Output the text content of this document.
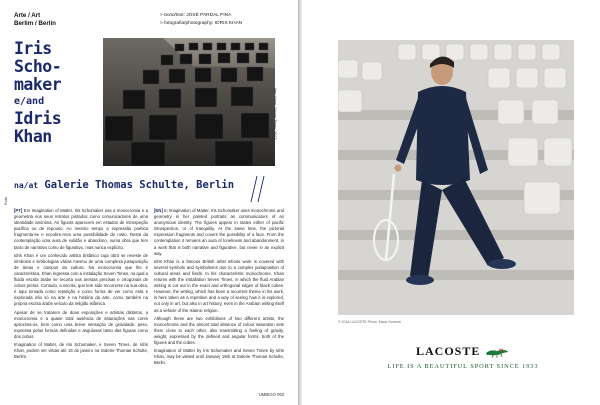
Arte / Art
Berlim / Berlin
> texto/text: JOSÉ PARDAL PINA
> fotografia/photography: IDRIS KHAN
Iris
Scho-
maker
e/and
Idris
Khan	Idris Khan, Seven Times, 2016
na/at Galerie Thomas Schulte, Berlin
Rota

[PT] Em Imagination of Matter, Iris Schomaker usa a monocromia e a geometria nos seus retratos pintados como comunicadores de uma identidade anónima. As figuras aparecem em estados de introspeção pacífica ou de repouso. Ao mesmo tempo a expressão poética fragmenta-se e encobre-rnes uma possibilidade de rosto. Resta da contemplação uma aura de solidão e abandono, numa obra que tem tanto de narrativo como de figurativo, mas nunca explícito.

Idris Khan é um conhecido artista britânico cuja obra se reveste de símbolos e simbologias várias mesmo de uma complexa justaposição de áreas e campos da cultura. Na monocromia que lhe é característica, Khan regressa com a instalação Seven Times, na qual a fluida escrita árabe se recorta nas arestas precisas e ortogonais de cubos pretos. Contudo, a escrita, que tem sido recorrente na sua obra, é aqui tomada como repetição e como forma de ver como esta é explorada não só na arte e na história da arte, como também na própria escrita árabe veículo da religião islâmica.

Apesar de se tratarem de duas exposições e artistas distintos, a monocromia e a quase total ausência de saturações nas cores aproxima-os, bem como uma breve sensação de gravidade, peso, expressa pelas formas definidas e angulosas tanto das figuras como dos cubos.

Imagination of Matter, de Iris Schomaker, e Seven Times, de Idris Khan, podem ser vistas até 15 de janeiro na Galerie Thomas Schulte, Berlim.

[EN] In Imagination of Matter, Iris Schomaker uses monochrome and geometry in her painted portraits as communicators of an anonymous identity. The figures appear in states either of pacific introspection, or of tranquility. At the same time, the pictorial expression fragments and covers the possibility of a face. From the contemplation it remains an aura of loneliness and abandonment, in a work that is both narrative and figurative, but never in an explicit way.

Idris Khan is a famous British artist whose work is covered with several symbols and symbolisms due to a complex juxtaposition of cultural areas and fields. In his characteristic monochrome, Khan returns with the installation Seven Times, in which the fluid Arabian writing is cut out in the exact and orthogonal edges of black cubes. However, the writing, which has been a recurrent theme in his work, is here taken as a repetition and a way of seeing how it is explored, not only in art, but also in art history, even in the Arabian writing itself as a vehicle of the Islamic religion.

Although these are two exhibitions of two different artists, the monochrome and the almost total absence of colour saturation sets them close to each other, also transmitting a feeling of gravity, weight, expressed by the defined and angular forms, both of the figures and the cubes.

Imagination of Matter by Iris Schomaker and Seven Times by Idris Khan, may be visited until January 15th at Galerie Thomas Schulte, Berlin.

UMBIGO #63
© 2016 LACOSTE Photo: Mario Sorrenti
LACOSTE
LIFE IS A BEAUTIFUL SPORT SINCE 1933
